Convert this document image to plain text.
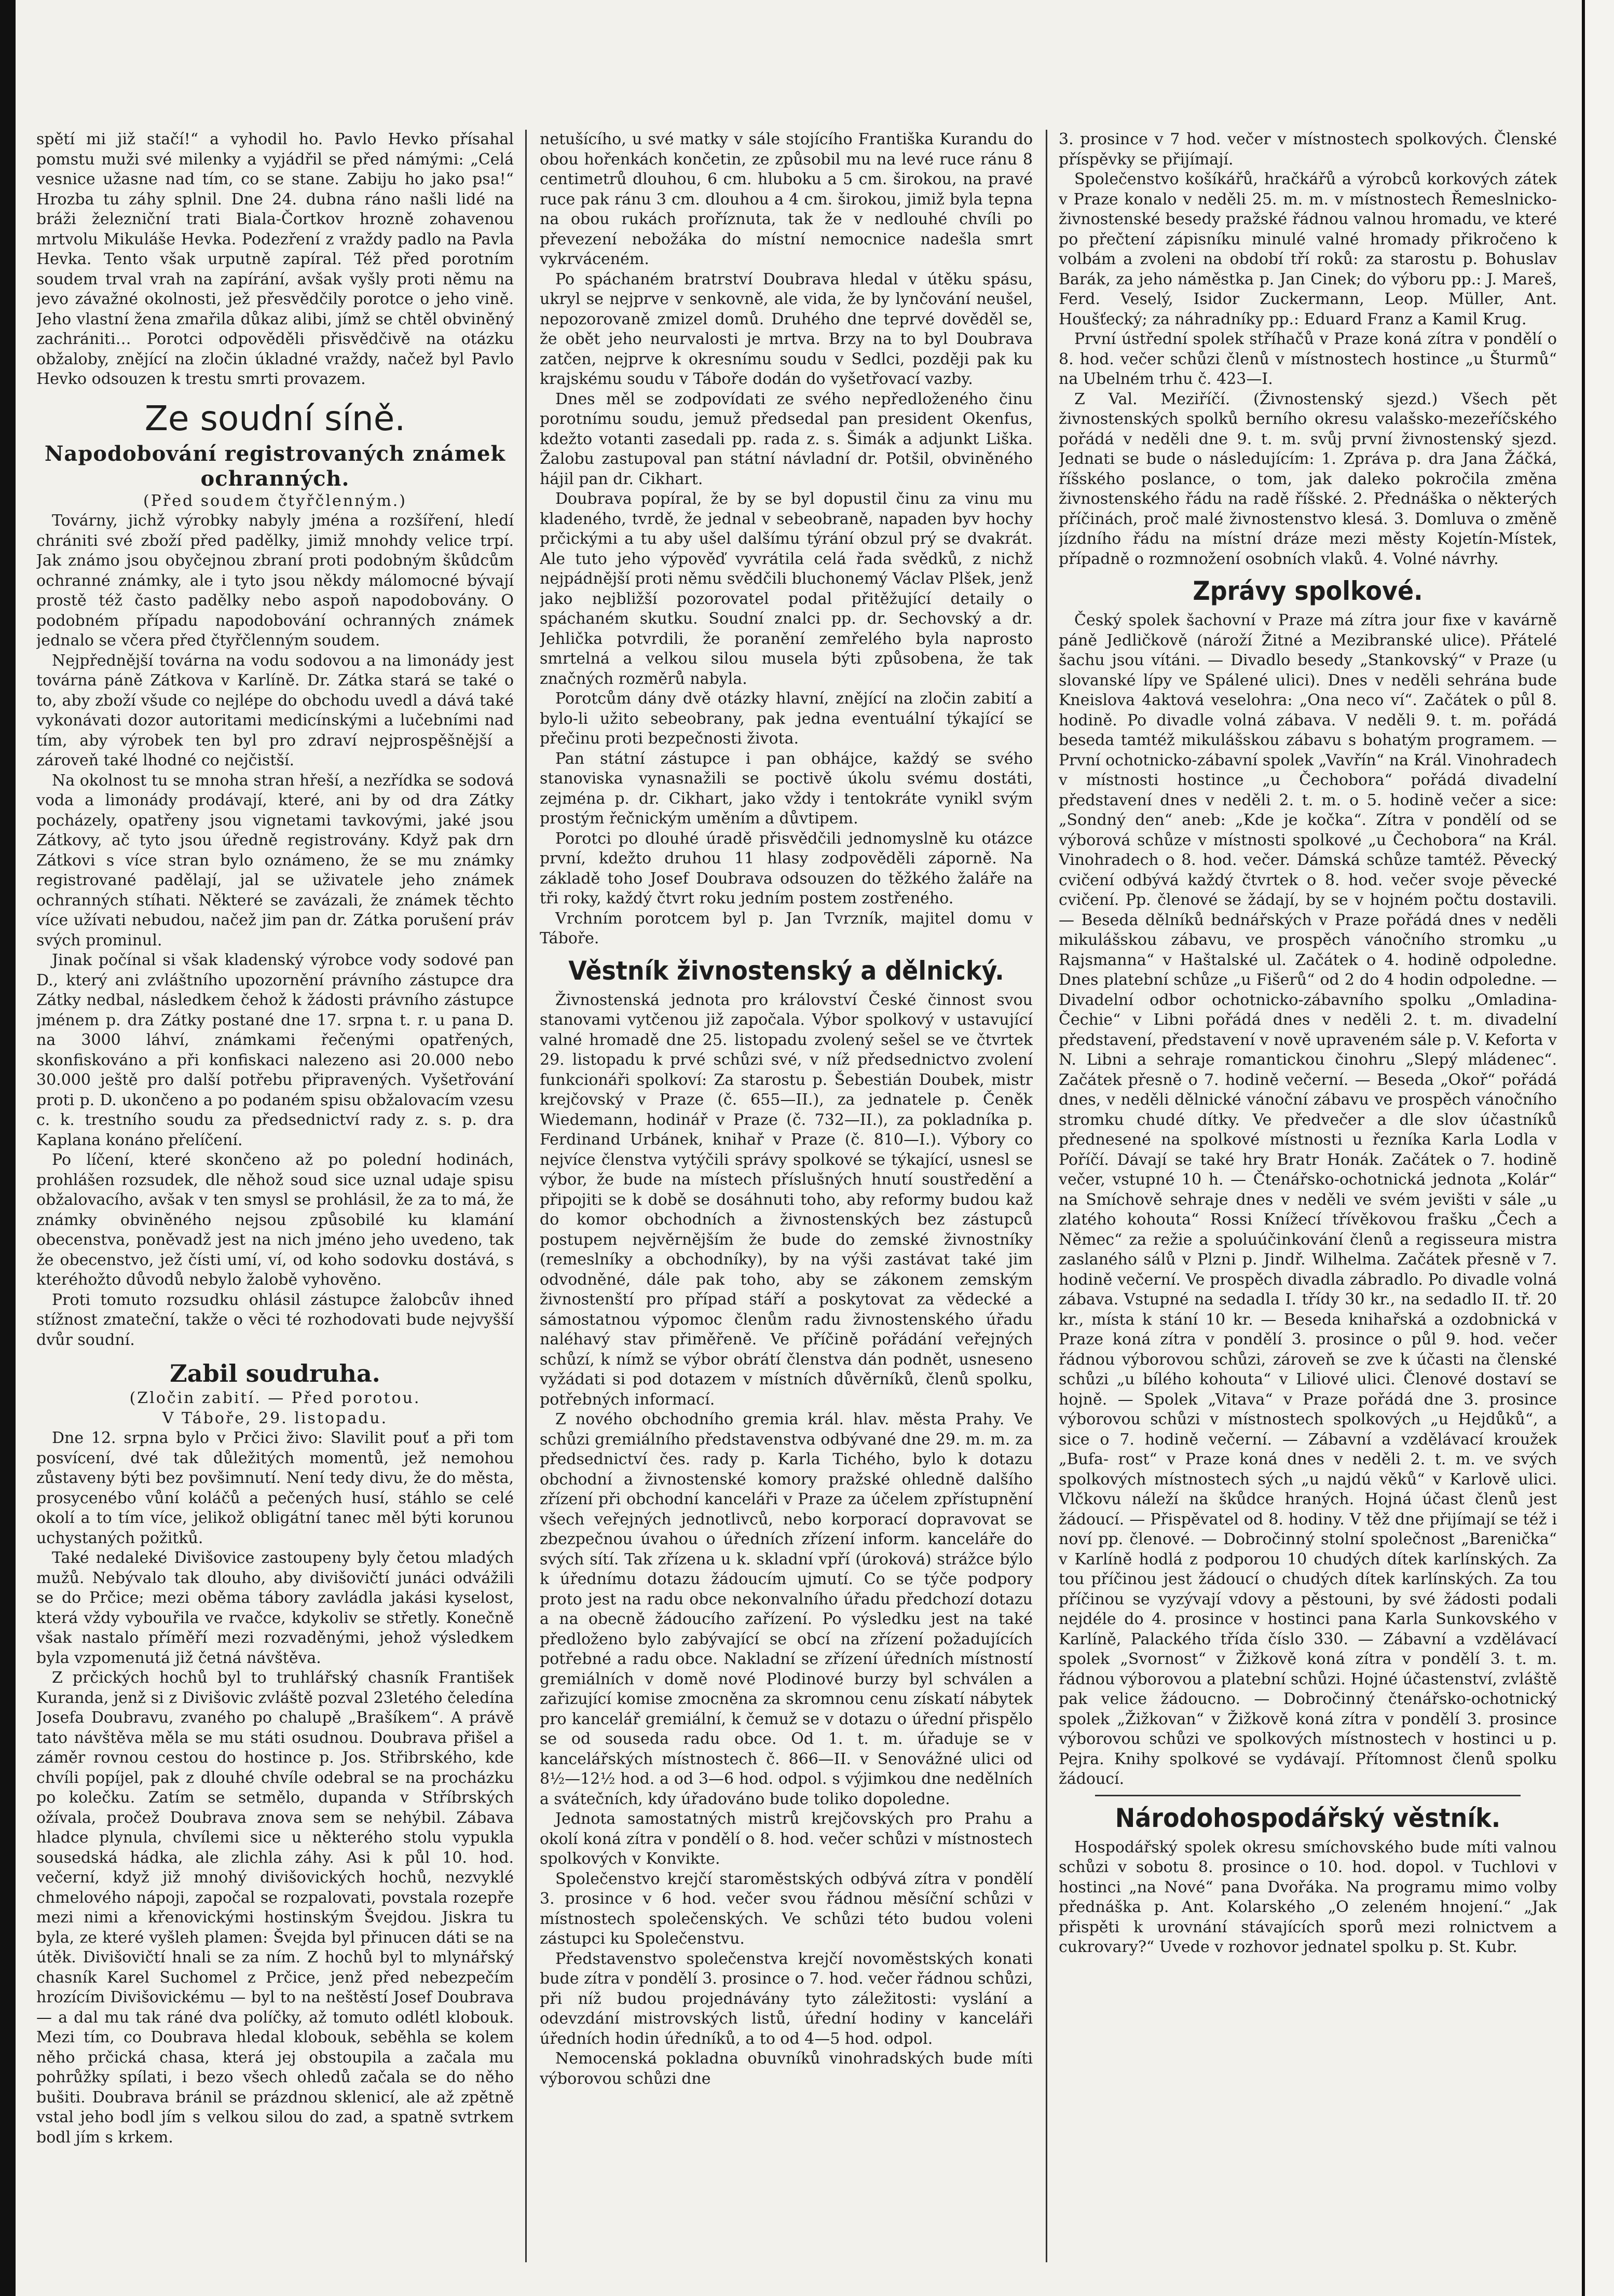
spětí mi již stačí!“ a vyhodil ho. Pavlo Hevko přísahal pomstu muži své milenky a vyjádřil se před námými: „Celá vesnice užasne nad tím, co se stane. Zabiju ho jako psa!“ Hrozba tu záhy splnil. Dne 24. dubna ráno našli lidé na bráži železniční trati Biala-Čortkov hrozně zohavenou mrtvolu Mikuláše Hevka. Podezření z vraždy padlo na Pavla Hevka. Tento však urputně zapíral. Též před porotním soudem trval vrah na zapírání, avšak vyšly proti němu na jevo závažné okolnosti, jež přesvědčily porotce o jeho vině. Jeho vlastní žena zmařila důkaz alibi, jímž se chtěl obviněný zachrániti… Porotci odpověděli přisvědčivě na otázku obžaloby, znějící na zločin úkladné vraždy, načež byl Pavlo Hevko odsouzen k trestu smrti provazem.

Ze soudní síně.
Napodobování registrovaných známek ochranných.
(Před soudem čtyřčlenným.)

Továrny, jichž výrobky nabyly jména a rozšíření, hledí chrániti své zboží před padělky, jimiž mnohdy velice trpí. Jak známo jsou obyčejnou zbraní proti podobným škůdcům ochranné známky, ale i tyto jsou někdy málomocné bývají prostě též často padělky nebo aspoň napodobovány. O podobném případu napodobování ochranných známek jednalo se včera před čtyřčlenným soudem.

Nejpřednější továrna na vodu sodovou a na limonády jest továrna páně Zátkova v Karlíně. Dr. Zátka stará se také o to, aby zboží všude co nejlépe do obchodu uvedl a dává také vykonávati dozor autoritami medicínskými a lučebními nad tím, aby výrobek ten byl pro zdraví nejprospěšnější a zároveň také lhodné co nejčistší.

Na okolnost tu se mnoha stran hřeší, a nezřídka se sodová voda a limonády prodávají, které, ani by od dra Zátky pocházely, opatřeny jsou vignetami tavkovými, jaké jsou Zátkovy, ač tyto jsou úředně registrovány. Když pak drn Zátkovi s více stran bylo oznámeno, že se mu známky registrované padělají, jal se uživatele jeho známek ochranných stíhati. Některé se zavázali, že známek těchto více užívati nebudou, načež jim pan dr. Zátka porušení práv svých prominul.

Jinak počínal si však kladenský výrobce vody sodové pan D., který ani zvláštního upozornění právního zástupce dra Zátky nedbal, následkem čehož k žádosti právního zástupce jménem p. dra Zátky postané dne 17. srpna t. r. u pana D. na 3000 láhví, známkami řečenými opatřených, skonfiskováno a při konfiskaci nalezeno asi 20.000 nebo 30.000 ještě pro další potřebu připravených. Vyšetřování proti p. D. ukončeno a po podaném spisu obžalovacím vzesu c. k. trestního soudu za předsednictví rady z. s. p. dra Kaplana konáno přelíčení.

Po líčení, které skončeno až po polední hodinách, prohlášen rozsudek, dle něhož soud sice uznal udaje spisu obžalovacího, avšak v ten smysl se prohlásil, že za to má, že známky obviněného nejsou způsobilé ku klamání obecenstva, poněvadž jest na nich jméno jeho uvedeno, tak že obecenstvo, jež čísti umí, ví, od koho sodovku dostává, s kteréhožto důvodů nebylo žalobě vyhověno.

Proti tomuto rozsudku ohlásil zástupce žalobcův ihned stížnost zmateční, takže o věci té rozhodovati bude nejvyšší dvůr soudní.

Zabil soudruha.
(Zločin zabití. — Před porotou.
V Táboře, 29. listopadu.

Dne 12. srpna bylo v Prčici živo: Slavilit pouť a při tom posvícení, dvé tak důležitých momentů, jež nemohou zůstaveny býti bez povšimnutí. Není tedy divu, že do města, prosycenébo vůní koláčů a pečených husí, stáhlo se celé okolí a to tím více, jelikož obligátní tanec měl býti korunou uchystaných požitků.

Také nedaleké Divišovice zastoupeny byly četou mladých mužů. Nebývalo tak dlouho, aby divišovičtí junáci odvážili se do Prčice; mezi oběma tábory zavládla jakási kyselost, která vždy vybouřila ve rvačce, kdykoliv se střetly. Konečně však nastalo příměří mezi rozvaděnými, jehož výsledkem byla vzpomenutá již četná návštěva.

Z prčických hochů byl to truhlářský chasník František Kuranda, jenž si z Divišovic zvláště pozval 23letého čeledína Josefa Doubravu, zvaného po chalupě „Brašíkem“. A právě tato návštěva měla se mu státi osudnou. Doubrava přišel a záměr rovnou cestou do hostince p. Jos. Střibrského, kde chvíli popíjel, pak z dlouhé chvíle odebral se na procházku po kolečku. Zatím se setmělo, dupanda v Stříbrských ožívala, pročež Doubrava znova sem se nehýbil. Zábava hladce plynula, chvílemi sice u některého stolu vypukla sousedská hádka, ale zlichla záhy. Asi k půl 10. hod. večerní, když již mnohý divišovických hochů, nezvyklé chmelového nápoji, započal se rozpalovati, povstala rozepře mezi nimi a křenovickými hostinským Švejdou. Jiskra tu byla, ze které vyšleh plamen: Švejda byl přinucen dáti se na útěk. Divišovičtí hnali se za ním. Z hochů byl to mlynářský chasník Karel Suchomel z Prčice, jenž před nebezpečím hrozícím Divišovickému — byl to na neštěstí Josef Doubrava — a dal mu tak ráné dva políčky, až tomuto odlétl klobouk. Mezi tím, co Doubrava hledal klobouk, seběhla se kolem něho prčická chasa, která jej obstoupila a začala mu pohrůžky spílati, i bezo všech ohledů začala se do něho bušiti. Doubrava bránil se prázdnou sklenicí, ale až zpětně vstal jeho bodl jím s velkou silou do zad, a spatně svtrkem bodl jím s krkem.

netušícího, u své matky v sále stojícího Františka Kurandu do obou hořenkách končetin, ze způsobil mu na levé ruce ránu 8 centimetrů dlouhou, 6 cm. hluboku a 5 cm. širokou, na pravé ruce pak ránu 3 cm. dlouhou a 4 cm. širokou, jimiž byla tepna na obou rukách proříznuta, tak že v nedlouhé chvíli po převezení nebožáka do místní nemocnice nadešla smrt vykrváceném.

Po spáchaném bratrství Doubrava hledal v útěku spásu, ukryl se nejprve v senkovně, ale vida, že by lynčování neušel, nepozorovaně zmizel domů. Druhého dne teprvé dověděl se, že obět jeho neurvalosti je mrtva. Brzy na to byl Doubrava zatčen, nejprve k okresnímu soudu v Sedlci, později pak ku krajskému soudu v Táboře dodán do vyšetřovací vazby.

Dnes měl se zodpovídati ze svého nepředloženého činu porotnímu soudu, jemuž předsedal pan president Okenfus, kdežto votanti zasedali pp. rada z. s. Šimák a adjunkt Liška. Žalobu zastupoval pan státní návladní dr. Potšil, obviněného hájil pan dr. Cikhart.

Doubrava popíral, že by se byl dopustil činu za vinu mu kladeného, tvrdě, že jednal v sebeobraně, napaden byv hochy prčickými a tu aby ušel dalšímu týrání obzul prý se dvakrát. Ale tuto jeho výpověď vyvrátila celá řada svědků, z nichž nejpádnější proti němu svědčili bluchonemý Václav Plšek, jenž jako nejbližší pozorovatel podal přitěžující detaily o spáchaném skutku. Soudní znalci pp. dr. Sechovský a dr. Jehlička potvrdili, že poranění zemřelého byla naprosto smrtelná a velkou silou musela býti způsobena, že tak značných rozměrů nabyla.

Porotcům dány dvě otázky hlavní, znějící na zločin zabití a bylo-li užito sebeobrany, pak jedna eventuální týkající se přečinu proti bezpečnosti života.

Pan státní zástupce i pan obhájce, každý se svého stanoviska vynasnažili se poctivě úkolu svému dostáti, zejména p. dr. Cikhart, jako vždy i tentokráte vynikl svým prostým řečnickým uměním a důvtipem.

Porotci po dlouhé úradě přisvědčili jednomyslně ku otázce první, kdežto druhou 11 hlasy zodpověděli záporně. Na základě toho Josef Doubrava odsouzen do těžkého žaláře na tři roky, každý čtvrt roku jedním postem zostřeného.

Vrchním porotcem byl p. Jan Tvrzník, majitel domu v Táboře.

Věstník živnostenský a dělnický.

Živnostenská jednota pro království České činnost svou stanovami vytčenou již započala. Výbor spolkový v ustavující valné hromadě dne 25. listopadu zvolený sešel se ve čtvrtek 29. listopadu k prvé schůzi své, v níž předsednictvo zvolení funkcionáři spolkoví: Za starostu p. Šebestián Doubek, mistr krejčovský v Praze (č. 655—II.), za jednatele p. Čeněk Wiedemann, hodinář v Praze (č. 732—II.), za pokladníka p. Ferdinand Urbánek, knihař v Praze (č. 810—I.). Výbory co nejvíce členstva vytýčili správy spolkové se týkající, usnesl se výbor, že bude na místech příslušných hnutí soustředění a připojiti se k době se dosáhnuti toho, aby reformy budou kaž do komor obchodních a živnostenských bez zástupců postupem nejvěrnějším že bude do zemské živnostníky (remeslníky a obchodníky), by na výši zastávat také jim odvodněné, dále pak toho, aby se zákonem zemským živnostenští pro případ stáří a poskytovat za vědecké a sámostatnou výpomoc členům radu živnostenského úřadu naléhavý stav přiměřeně. Ve příčině pořádání veřejných schůzí, k nímž se výbor obrátí členstva dán podnět, usneseno vyžádati si pod dotazem v místních důvěrníků, členů spolku, potřebných informací.

Z nového obchodního gremia král. hlav. města Prahy. Ve schůzi gremiálního představenstva odbývané dne 29. m. m. za předsednictví čes. rady p. Karla Tichého, bylo k dotazu obchodní a živnostenské komory pražské ohledně dalšího zřízení při obchodní kanceláři v Praze za účelem zpřístupnění všech veřejných jednotlivců, nebo korporací dopravovat se zbezpečnou úvahou o úředních zřízení inform. kanceláře do svých sítí. Tak zřízena u k. skladní vpří (úroková) strážce býlo k úřednímu dotazu žádoucím ujmutí. Co se týče podpory proto jest na radu obce nekonvalního úřadu předchozí dotazu a na obecně žádoucího zařízení. Po výsledku jest na také předloženo bylo zabývající se obcí na zřízení požadujících potřebné a radu obce. Nakladní se zřízení úředních místností gremiálních v domě nové Plodinové burzy byl schválen a zařizující komise zmocněna za skromnou cenu získatí nábytek pro kancelář gremiální, k čemuž se v dotazu o úřední přispělo se od souseda radu obce. Od 1. t. m. úřaduje se v kancelářských místnostech č. 866—II. v Senovážné ulici od 8½—12½ hod. a od 3—6 hod. odpol. s výjimkou dne nedělních a svátečních, kdy úřadováno bude toliko dopoledne.

Jednota samostatných mistrů krejčovských pro Prahu a okolí koná zítra v pondělí o 8. hod. večer schůzi v místnostech spolkových v Konvikte.

Společenstvo krejčí staroměstských odbývá zítra v pondělí 3. prosince v 6 hod. večer svou řádnou měsíční schůzi v místnostech společenských. Ve schůzi této budou voleni zástupci ku Společenstvu.

Představenstvo společenstva krejčí novoměstských konati bude zítra v pondělí 3. prosince o 7. hod. večer řádnou schůzi, při níž budou projednávány tyto záležitosti: vyslání a odevzdání mistrovských listů, úřední hodiny v kanceláři úředních hodin úředníků, a to od 4—5 hod. odpol.

Nemocenská pokladna obuvníků vinohradských bude míti výborovou schůzi dne

3. prosince v 7 hod. večer v místnostech spolkových. Členské příspěvky se přijímají.

Společenstvo košíkářů, hračkářů a výrobců korkových zátek v Praze konalo v neděli 25. m. m. v místnostech Řemeslnicko-živnostenské besedy pražské řádnou valnou hromadu, ve které po přečtení zápisníku minulé valné hromady přikročeno k volbám a zvoleni na období tří roků: za starostu p. Bohuslav Barák, za jeho náměstka p. Jan Cinek; do výboru pp.: J. Mareš, Ferd. Veselý, Isidor Zuckermann, Leop. Müller, Ant. Houšťecký; za náhradníky pp.: Eduard Franz a Kamil Krug.

První ústřední spolek stříhačů v Praze koná zítra v pondělí o 8. hod. večer schůzi členů v místnostech hostince „u Šturmů“ na Ubelném trhu č. 423—I.

Z Val. Meziříčí. (Živnostenský sjezd.) Všech pět živnostenských spolků berního okresu valašsko-mezeříčského pořádá v neděli dne 9. t. m. svůj první živnostenský sjezd. Jednati se bude o následujícím: 1. Zpráva p. dra Jana Žáčká, říšského poslance, o tom, jak daleko pokročila změna živnostenského řádu na radě říšské. 2. Přednáška o některých příčinách, proč malé živnostenstvo klesá. 3. Domluva o změně jízdního řádu na místní dráze mezi městy Kojetín-Místek, případně o rozmnožení osobních vlaků. 4. Volné návrhy.

Zprávy spolkové.

Český spolek šachovní v Praze má zítra jour fixe v kavárně páně Jedličkově (nároží Žitné a Mezibranské ulice). Přátelé šachu jsou vítáni. — Divadlo besedy „Stankovský“ v Praze (u slovanské lípy ve Spálené ulici). Dnes v neděli sehrána bude Kneislova 4aktová veselohra: „Ona neco ví“. Začátek o půl 8. hodině. Po divadle volná zábava. V neděli 9. t. m. pořádá beseda tamtéž mikulášskou zábavu s bohatým programem. — První ochotnicko-zábavní spolek „Vavřín“ na Král. Vinohradech v místnosti hostince „u Čechobora“ pořádá divadelní představení dnes v neděli 2. t. m. o 5. hodině večer a sice: „Sondný den“ aneb: „Kde je kočka“. Zítra v pondělí od se výborová schůze v místnosti spolkové „u Čechobora“ na Král. Vinohradech o 8. hod. večer. Dámská schůze tamtéž. Pěvecký cvičení odbývá každý čtvrtek o 8. hod. večer svoje pěvecké cvičení. Pp. členové se žádají, by se v hojném počtu dostavili. — Beseda dělníků bednářských v Praze pořádá dnes v neděli mikulášskou zábavu, ve prospěch vánočního stromku „u Rajsmanna“ v Haštalské ul. Začátek o 4. hodině odpoledne. Dnes platební schůze „u Fišerů“ od 2 do 4 hodin odpoledne. — Divadelní odbor ochotnicko-zábavního spolku „Omladina-Čechie“ v Libni pořádá dnes v neděli 2. t. m. divadelní představení, představení v nově upraveném sále p. V. Keforta v N. Libni a sehraje romantickou činohru „Slepý mládenec“. Začátek přesně o 7. hodině večerní. — Beseda „Okoř“ pořádá dnes, v neděli dělnické vánoční zábavu ve prospěch vánočního stromku chudé dítky. Ve předvečer a dle slov účastníků přednesené na spolkové místnosti u řezníka Karla Lodla v Poříčí. Dávají se také hry Bratr Honák. Začátek o 7. hodině večer, vstupné 10 h. — Čtenářsko-ochotnická jednota „Kolár“ na Smíchově sehraje dnes v neděli ve svém jevišti v sále „u zlatého kohouta“ Rossi Knížecí třívěkovou frašku „Čech a Němec“ za režie a spoluúčinkování členů a regisseura mistra zaslaného sálů v Plzni p. Jindř. Wilhelma. Začátek přesně v 7. hodině večerní. Ve prospěch divadla zábradlo. Po divadle volná zábava. Vstupné na sedadla I. třídy 30 kr., na sedadlo II. tř. 20 kr., místa k stání 10 kr. — Beseda knihařská a ozdobnická v Praze koná zítra v pondělí 3. prosince o půl 9. hod. večer řádnou výborovou schůzi, zároveň se zve k účasti na členské schůzi „u bílého kohouta“ v Liliové ulici. Členové dostaví se hojně. — Spolek „Vitava“ v Praze pořádá dne 3. prosince výborovou schůzi v místnostech spolkových „u Hejdůků“, a sice o 7. hodině večerní. — Zábavní a vzdělávací kroužek „Bufa- rost“ v Praze koná dnes v neděli 2. t. m. ve svých spolkových místnostech sých „u najdú věků“ v Karlově ulici. Vlčkovu náleží na škůdce hraných. Hojná účast členů jest žádoucí. — Přispěvatel od 8. hodiny. V těž dne přijímají se též i noví pp. členové. — Dobročinný stolní společnost „Barenička“ v Karlíně hodlá z podporou 10 chudých dítek karlínských. Za tou příčinou jest žádoucí o chudých dítek karlínských. Za tou příčinou se vyzývají vdovy a pěstouni, by své žádosti podali nejdéle do 4. prosince v hostinci pana Karla Sunkovského v Karlíně, Palackého třída číslo 330. — Zábavní a vzdělávací spolek „Svornost“ v Žižkově koná zítra v pondělí 3. t. m. řádnou výborovou a platební schůzi. Hojné účastenství, zvláště pak velice žádoucno. — Dobročinný čtenářsko-ochotnický spolek „Žižkovan“ v Žižkově koná zítra v pondělí 3. prosince výborovou schůzi ve spolkových místnostech v hostinci u p. Pejra. Knihy spolkové se vydávají. Přítomnost členů spolku žádoucí.

Národohospodářský věstník.

Hospodářský spolek okresu smíchovského bude míti valnou schůzi v sobotu 8. prosince o 10. hod. dopol. v Tuchlovi v hostinci „na Nové“ pana Dvořáka. Na programu mimo volby přednáška p. Ant. Kolarského „O zeleném hnojení.“ „Jak přispěti k urovnání stávajících sporů mezi rolnictvem a cukrovary?“ Uvede v rozhovor jednatel spolku p. St. Kubr.
